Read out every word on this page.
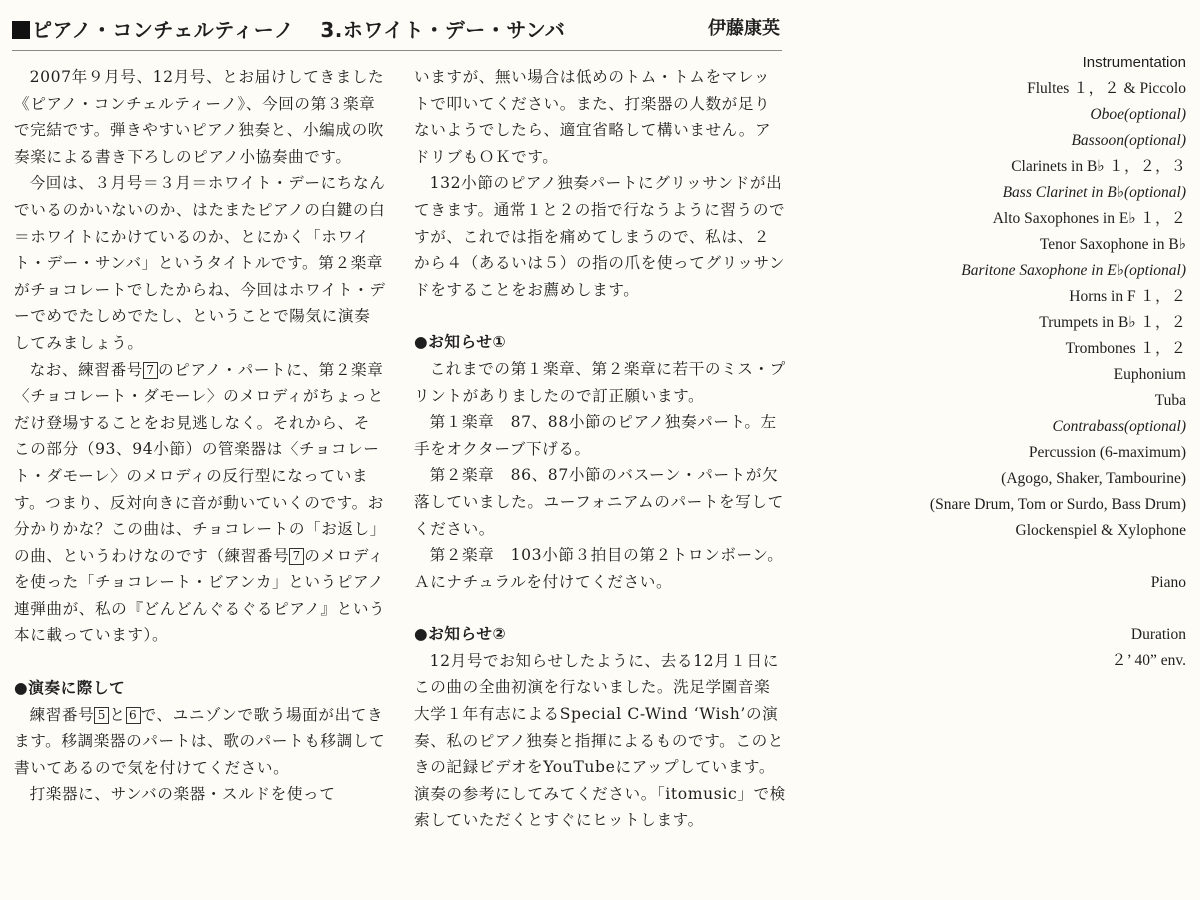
ピアノ・コンチェルティーノ 3.ホワイト・デー・サンバ	伊藤康英

2007年９月号、12月号、とお届けしてきました《ピアノ・コンチェルティーノ》、今回の第３楽章で完結です。弾きやすいピアノ独奏と、小編成の吹奏楽による書き下ろしのピアノ小協奏曲です。

今回は、３月号＝３月＝ホワイト・デーにちなんでいるのかいないのか、はたまたピアノの白鍵の白＝ホワイトにかけているのか、とにかく「ホワイト・デー・サンバ」というタイトルです。第２楽章がチョコレートでしたからね、今回はホワイト・デーでめでたしめでたし、ということで陽気に演奏してみましょう。

なお、練習番号 7 のピアノ・パートに、第２楽章〈チョコレート・ダモーレ〉のメロディがちょっとだけ登場することをお見逃しなく。それから、そこの部分（93、94小節）の管楽器は〈チョコレート・ダモーレ〉のメロディの反行型になっています。つまり、反対向きに音が動いていくのです。お分かりかな？この曲は、チョコレートの「お返し」の曲、というわけなのです（練習番号 7 のメロディを使った「チョコレート・ビアンカ」というピアノ連弾曲が、私の『どんどんぐるぐるピアノ』という本に載っています）。

●演奏に際して

練習番号 5 と 6 で、ユニゾンで歌う場面が出てきます。移調楽器のパートは、歌のパートも移調して書いてあるので気を付けてください。

打楽器に、サンバの楽器・スルドを使って

いますが、無い場合は低めのトム・トムをマレットで叩いてください。また、打楽器の人数が足りないようでしたら、適宜省略して構いません。アドリブもＯＫです。

132小節のピアノ独奏パートにグリッサンドが出てきます。通常１と２の指で行なうように習うのですが、これでは指を痛めてしまうので、私は、２から４（あるいは５）の指の爪を使ってグリッサンドをすることをお薦めします。

●お知らせ①

これまでの第１楽章、第２楽章に若干のミス・プリントがありましたので訂正願います。

第１楽章　87、88小節のピアノ独奏パート。左手をオクターブ下げる。

第２楽章　86、87小節のバスーン・パートが欠落していました。ユーフォニアムのパートを写してください。

第２楽章　103小節３拍目の第２トロンボーン。Ａにナチュラルを付けてください。

●お知らせ②

12月号でお知らせしたように、去る12月１日にこの曲の全曲初演を行ないました。洗足学園音楽大学１年有志によるSpecial C-Wind ‘Wish’の演奏、私のピアノ独奏と指揮によるものです。このときの記録ビデオをYouTubeにアップしています。演奏の参考にしてみてください。「itomusic」で検索していただくとすぐにヒットします。

Instrumentation
Flultes １，２ & Piccolo
Oboe(optional)
Bassoon(optional)
Clarinets in B♭ １，２，３
Bass Clarinet in B♭(optional)
Alto Saxophones in E♭ １，２
Tenor Saxophone in B♭
Baritone Saxophone in E♭(optional)
Horns in F １，２
Trumpets in B♭ １，２
Trombones １，２
Euphonium
Tuba
Contrabass(optional)
Percussion (6-maximum)
(Agogo, Shaker, Tambourine)
(Snare Drum, Tom or Surdo, Bass Drum)
Glockenspiel & Xylophone
Piano
Duration
２’ 40” env.
